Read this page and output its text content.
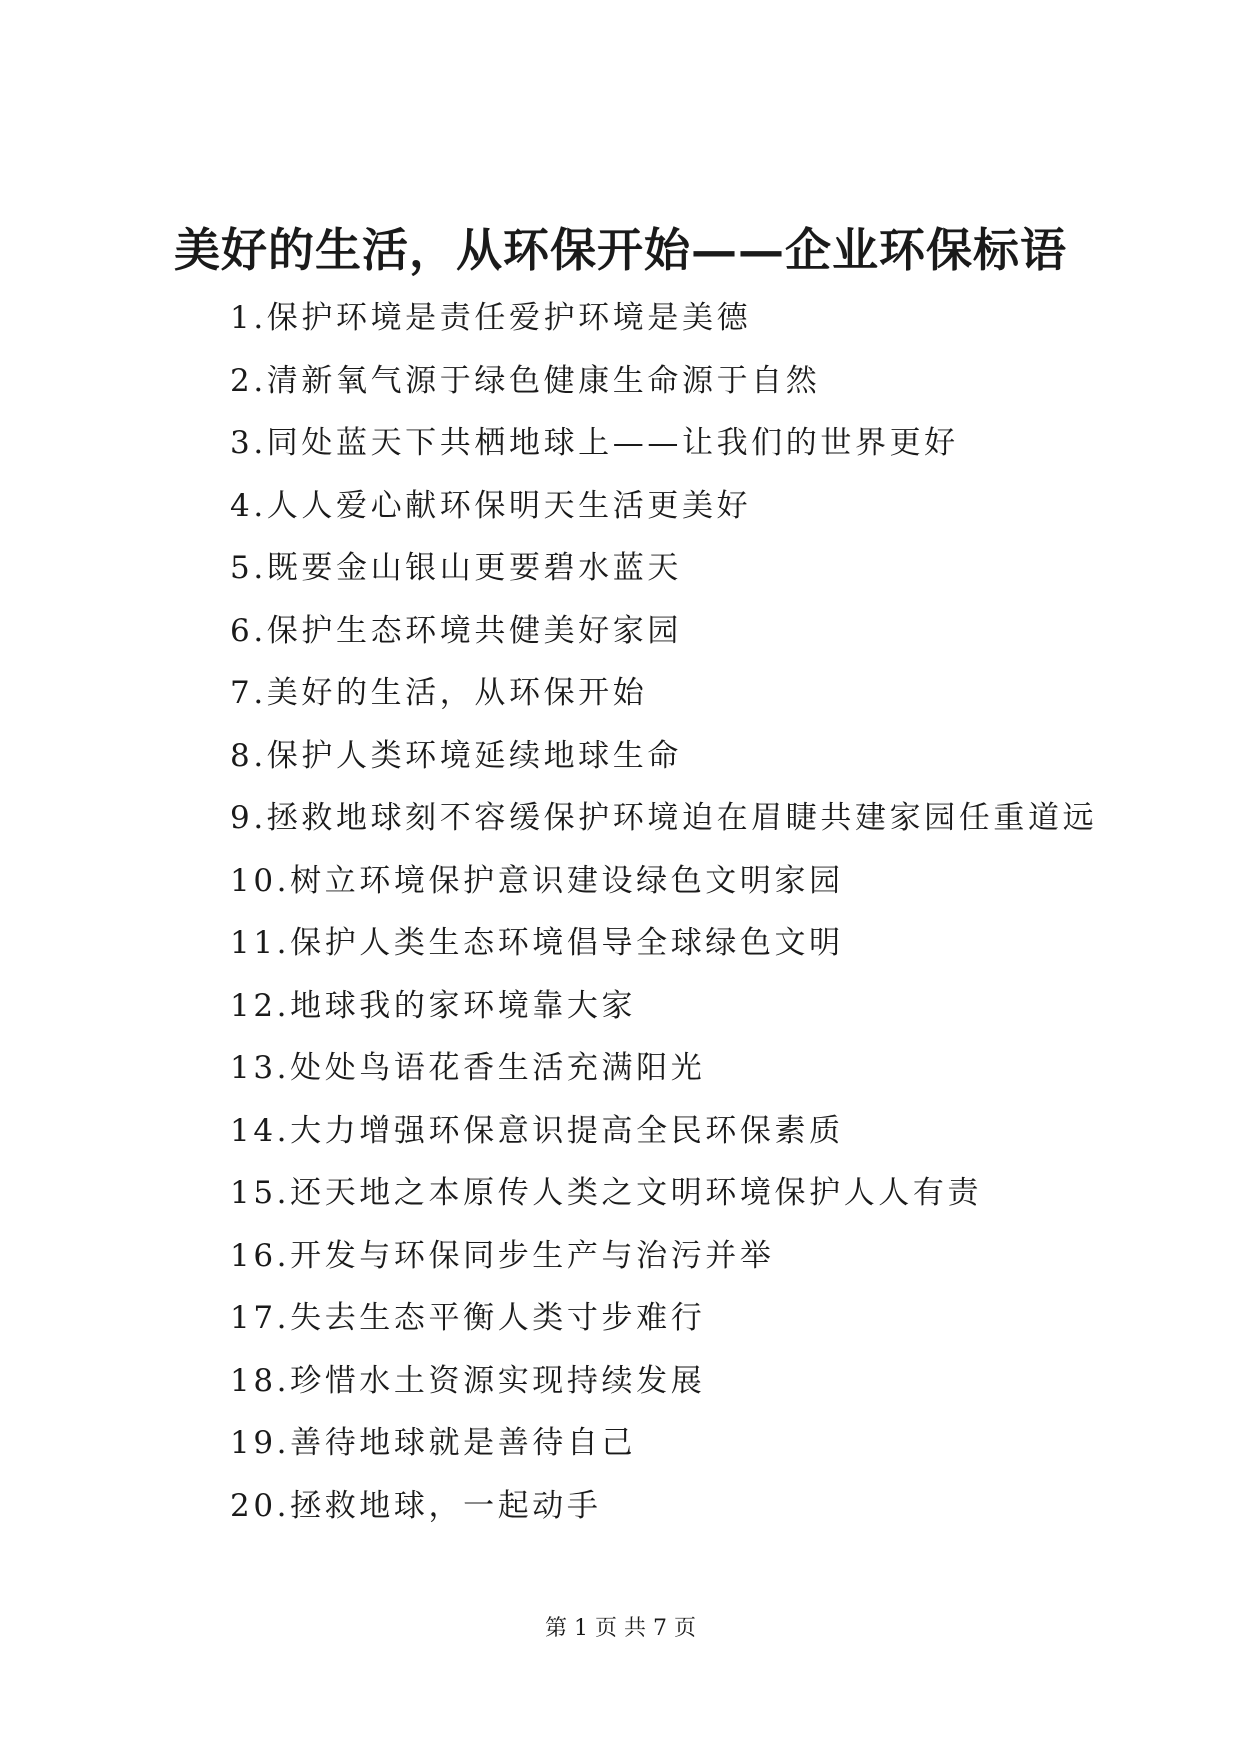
美好的生活，从环保开始——企业环保标语
1.保护环境是责任爱护环境是美德
2.清新氧气源于绿色健康生命源于自然
3.同处蓝天下共栖地球上——让我们的世界更好
4.人人爱心献环保明天生活更美好
5.既要金山银山更要碧水蓝天
6.保护生态环境共健美好家园
7.美好的生活，从环保开始
8.保护人类环境延续地球生命
9.拯救地球刻不容缓保护环境迫在眉睫共建家园任重道远
10.树立环境保护意识建设绿色文明家园
11.保护人类生态环境倡导全球绿色文明
12.地球我的家环境靠大家
13.处处鸟语花香生活充满阳光
14.大力增强环保意识提高全民环保素质
15.还天地之本原传人类之文明环境保护人人有责
16.开发与环保同步生产与治污并举
17.失去生态平衡人类寸步难行
18.珍惜水土资源实现持续发展
19.善待地球就是善待自己
20.拯救地球，一起动手
第 1 页 共 7 页
